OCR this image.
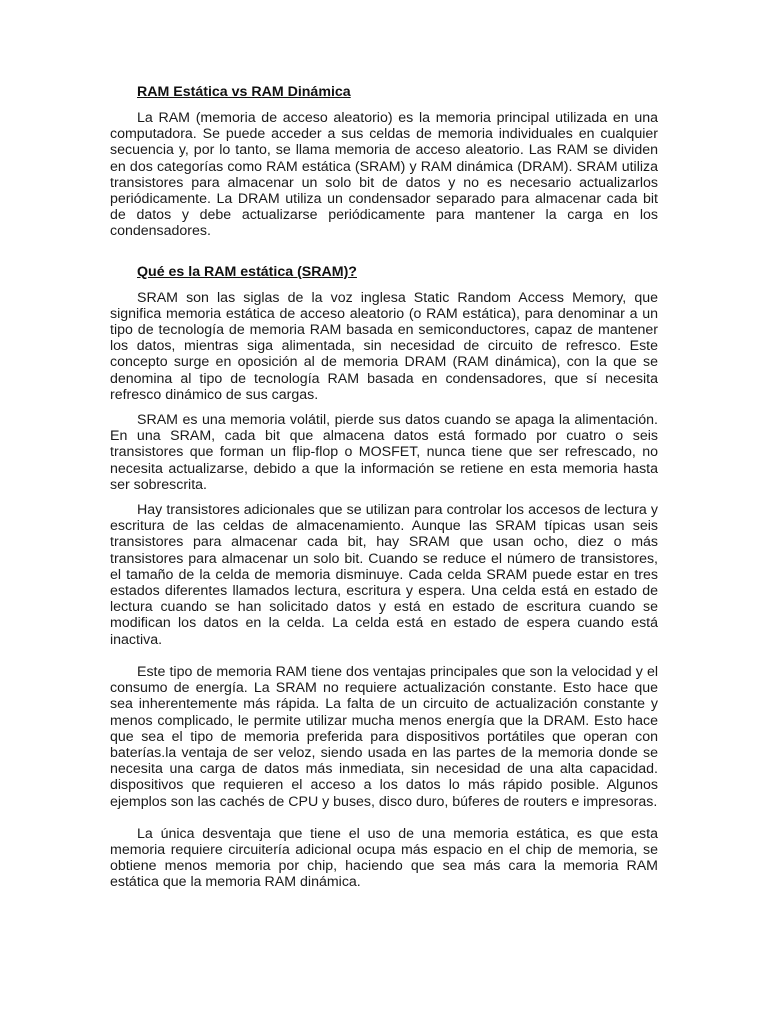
RAM Estática vs RAM Dinámica

La RAM (memoria de acceso aleatorio) es la memoria principal utilizada en una computadora. Se puede acceder a sus celdas de memoria individuales en cualquier secuencia y, por lo tanto, se llama memoria de acceso aleatorio. Las RAM se dividen en dos categorías como RAM estática (SRAM) y RAM dinámica (DRAM). SRAM utiliza transistores para almacenar un solo bit de datos y no es necesario actualizarlos periódicamente. La DRAM utiliza un condensador separado para almacenar cada bit de datos y debe actualizarse periódicamente para mantener la carga en los condensadores.

Qué es la RAM estática (SRAM)?

SRAM son las siglas de la voz inglesa Static Random Access Memory, que significa memoria estática de acceso aleatorio (o RAM estática), para denominar a un tipo de tecnología de memoria RAM basada en semiconductores, capaz de mantener los datos, mientras siga alimentada, sin necesidad de circuito de refresco. Este concepto surge en oposición al de memoria DRAM (RAM dinámica), con la que se denomina al tipo de tecnología RAM basada en condensadores, que sí necesita refresco dinámico de sus cargas.

SRAM es una memoria volátil, pierde sus datos cuando se apaga la alimentación. En una SRAM, cada bit que almacena datos está formado por cuatro o seis transistores que forman un flip-flop o MOSFET, nunca tiene que ser refrescado, no necesita actualizarse, debido a que la información se retiene en esta memoria hasta ser sobrescrita.

Hay transistores adicionales que se utilizan para controlar los accesos de lectura y escritura de las celdas de almacenamiento. Aunque las SRAM típicas usan seis transistores para almacenar cada bit, hay SRAM que usan ocho, diez o más transistores para almacenar un solo bit. Cuando se reduce el número de transistores, el tamaño de la celda de memoria disminuye. Cada celda SRAM puede estar en tres estados diferentes llamados lectura, escritura y espera. Una celda está en estado de lectura cuando se han solicitado datos y está en estado de escritura cuando se modifican los datos en la celda. La celda está en estado de espera cuando está inactiva.

Este tipo de memoria RAM tiene dos ventajas principales que son la velocidad y el consumo de energía. La SRAM no requiere actualización constante. Esto hace que sea inherentemente más rápida. La falta de un circuito de actualización constante y menos complicado, le permite utilizar mucha menos energía que la DRAM. Esto hace que sea el tipo de memoria preferida para dispositivos portátiles que operan con baterías.la ventaja de ser veloz, siendo usada en las partes de la memoria donde se necesita una carga de datos más inmediata, sin necesidad de una alta capacidad. dispositivos que requieren el acceso a los datos lo más rápido posible. Algunos ejemplos son las cachés de CPU y buses, disco duro, búferes de routers e impresoras.

La única desventaja que tiene el uso de una memoria estática, es que esta memoria requiere circuitería adicional ocupa más espacio en el chip de memoria, se obtiene menos memoria por chip, haciendo que sea más cara la memoria RAM estática que la memoria RAM dinámica.
